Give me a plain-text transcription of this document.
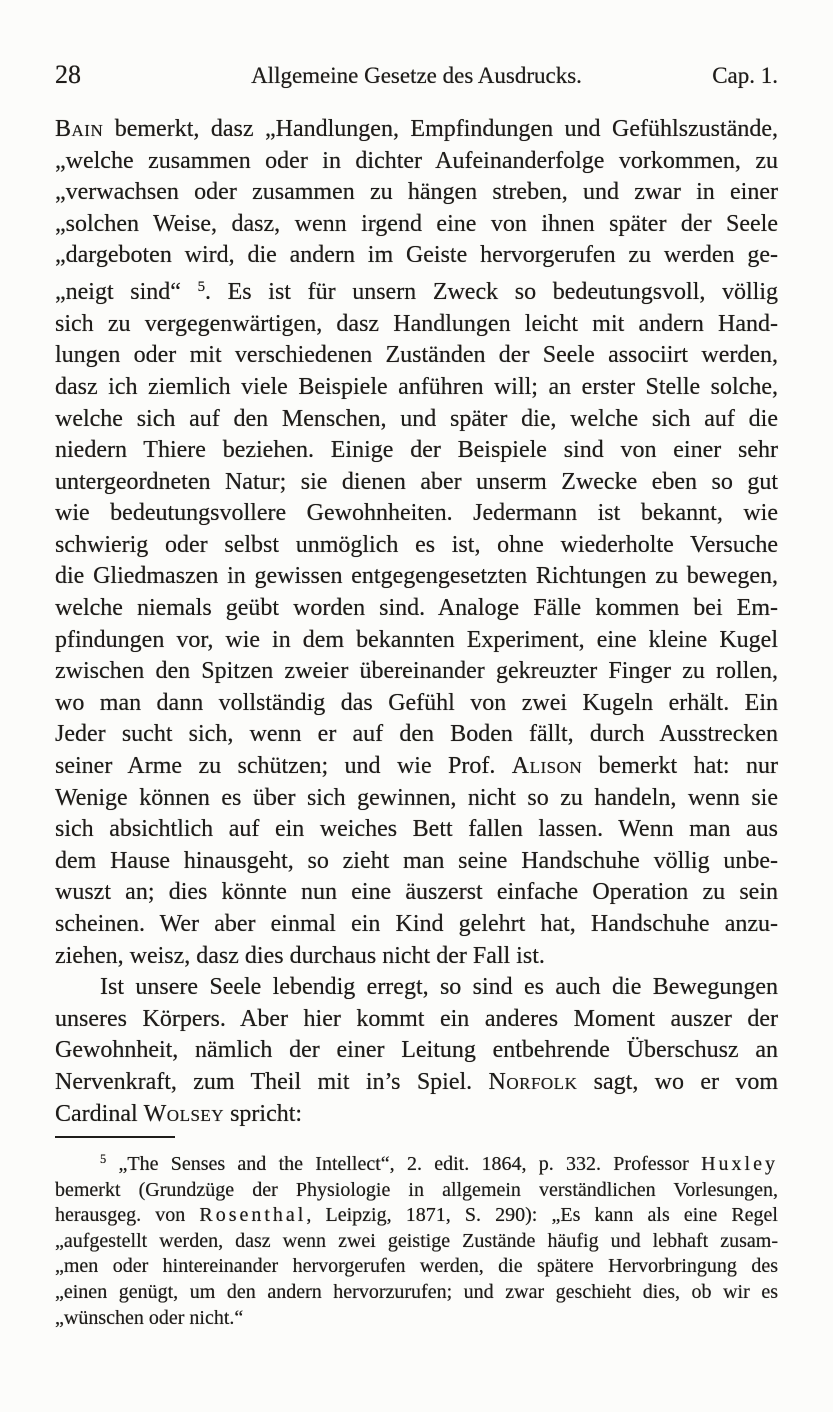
28	Allgemeine Gesetze des Ausdrucks.	Cap. 1.
Bain bemerkt, dasz „Handlungen, Empfindungen und Gefühlszustände,
„welche zusammen oder in dichter Aufeinanderfolge vorkommen, zu
„verwachsen oder zusammen zu hängen streben, und zwar in einer
„solchen Weise, dasz, wenn irgend eine von ihnen später der Seele
„dargeboten wird, die andern im Geiste hervorgerufen zu werden ge-
„neigt sind“ $^5$. Es ist für unsern Zweck so bedeutungsvoll, völlig
sich zu vergegenwärtigen, dasz Handlungen leicht mit andern Hand-
lungen oder mit verschiedenen Zuständen der Seele associirt werden,
dasz ich ziemlich viele Beispiele anführen will; an erster Stelle solche,
welche sich auf den Menschen, und später die, welche sich auf die
niedern Thiere beziehen. Einige der Beispiele sind von einer sehr
untergeordneten Natur; sie dienen aber unserm Zwecke eben so gut
wie bedeutungsvollere Gewohnheiten. Jedermann ist bekannt, wie
schwierig oder selbst unmöglich es ist, ohne wiederholte Versuche
die Gliedmaszen in gewissen entgegengesetzten Richtungen zu bewegen,
welche niemals geübt worden sind. Analoge Fälle kommen bei Em-
pfindungen vor, wie in dem bekannten Experiment, eine kleine Kugel
zwischen den Spitzen zweier übereinander gekreuzter Finger zu rollen,
wo man dann vollständig das Gefühl von zwei Kugeln erhält. Ein
Jeder sucht sich, wenn er auf den Boden fällt, durch Ausstrecken
seiner Arme zu schützen; und wie Prof. Alison bemerkt hat: nur
Wenige können es über sich gewinnen, nicht so zu handeln, wenn sie
sich absichtlich auf ein weiches Bett fallen lassen. Wenn man aus
dem Hause hinausgeht, so zieht man seine Handschuhe völlig unbe-
wuszt an; dies könnte nun eine äuszerst einfache Operation zu sein
scheinen. Wer aber einmal ein Kind gelehrt hat, Handschuhe anzu-
ziehen, weisz, dasz dies durchaus nicht der Fall ist.
Ist unsere Seele lebendig erregt, so sind es auch die Bewegungen
unseres Körpers. Aber hier kommt ein anderes Moment auszer der
Gewohnheit, nämlich der einer Leitung entbehrende Überschusz an
Nervenkraft, zum Theil mit in’s Spiel. Norfolk sagt, wo er vom
Cardinal Wolsey spricht:
$^5$ „The Senses and the Intellect“, 2. edit. 1864, p. 332. Professor Huxley
bemerkt (Grundzüge der Physiologie in allgemein verständlichen Vorlesungen,
herausgeg. von Rosenthal, Leipzig, 1871, S. 290): „Es kann als eine Regel
„aufgestellt werden, dasz wenn zwei geistige Zustände häufig und lebhaft zusam-
„men oder hintereinander hervorgerufen werden, die spätere Hervorbringung des
„einen genügt, um den andern hervorzurufen; und zwar geschieht dies, ob wir es
„wünschen oder nicht.“
